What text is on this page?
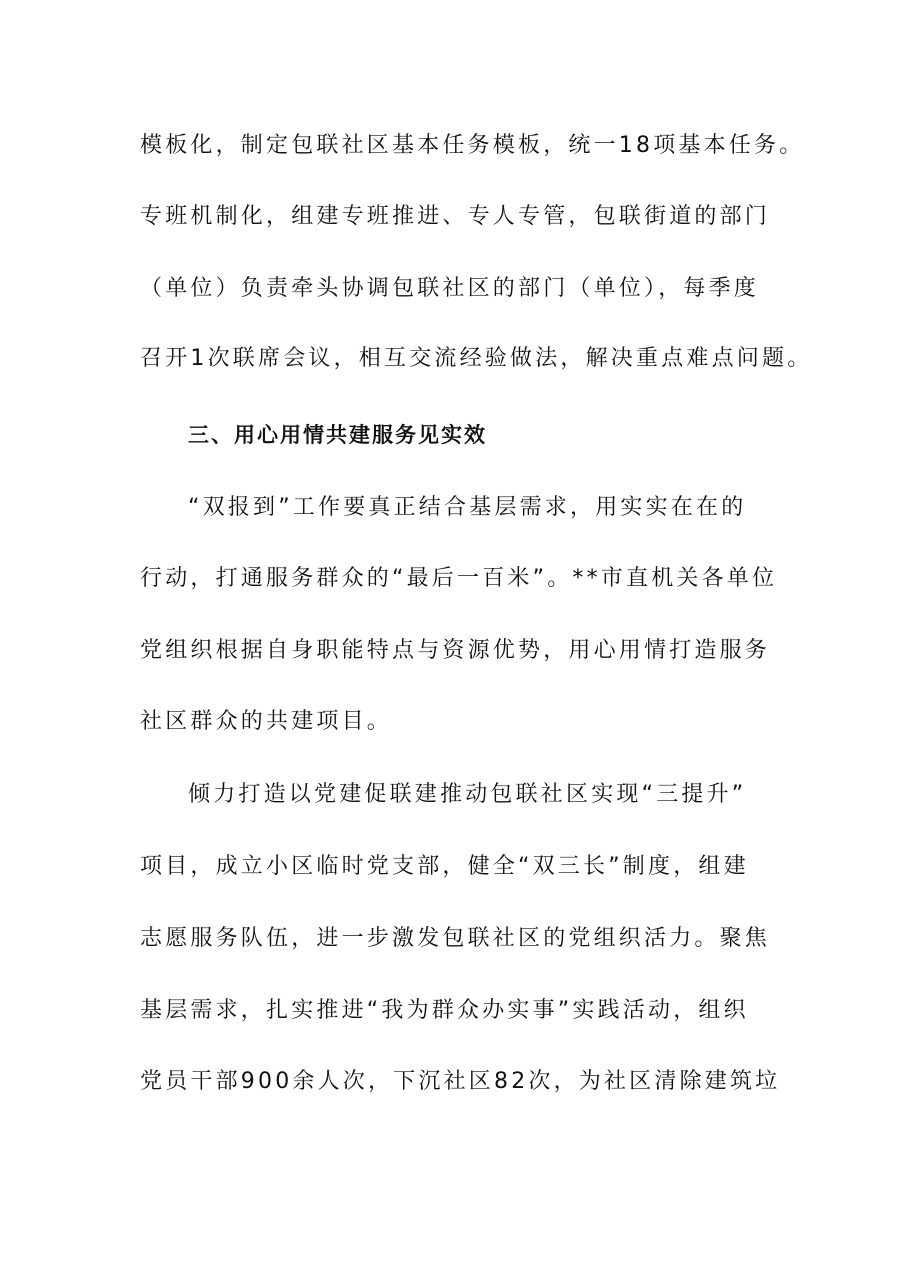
模板化，制定包联社区基本任务模板，统一18项基本任务。
专班机制化，组建专班推进、专人专管，包联街道的部门
（单位）负责牵头协调包联社区的部门（单位），每季度
召开1次联席会议，相互交流经验做法，解决重点难点问题。
三、用心用情共建服务见实效
“双报到”工作要真正结合基层需求，用实实在在的
行动，打通服务群众的“最后一百米”。**市直机关各单位
党组织根据自身职能特点与资源优势，用心用情打造服务
社区群众的共建项目。
倾力打造以党建促联建推动包联社区实现“三提升”
项目，成立小区临时党支部，健全“双三长”制度，组建
志愿服务队伍，进一步激发包联社区的党组织活力。聚焦
基层需求，扎实推进“我为群众办实事”实践活动，组织
党员干部900余人次，下沉社区82次，为社区清除建筑垃
